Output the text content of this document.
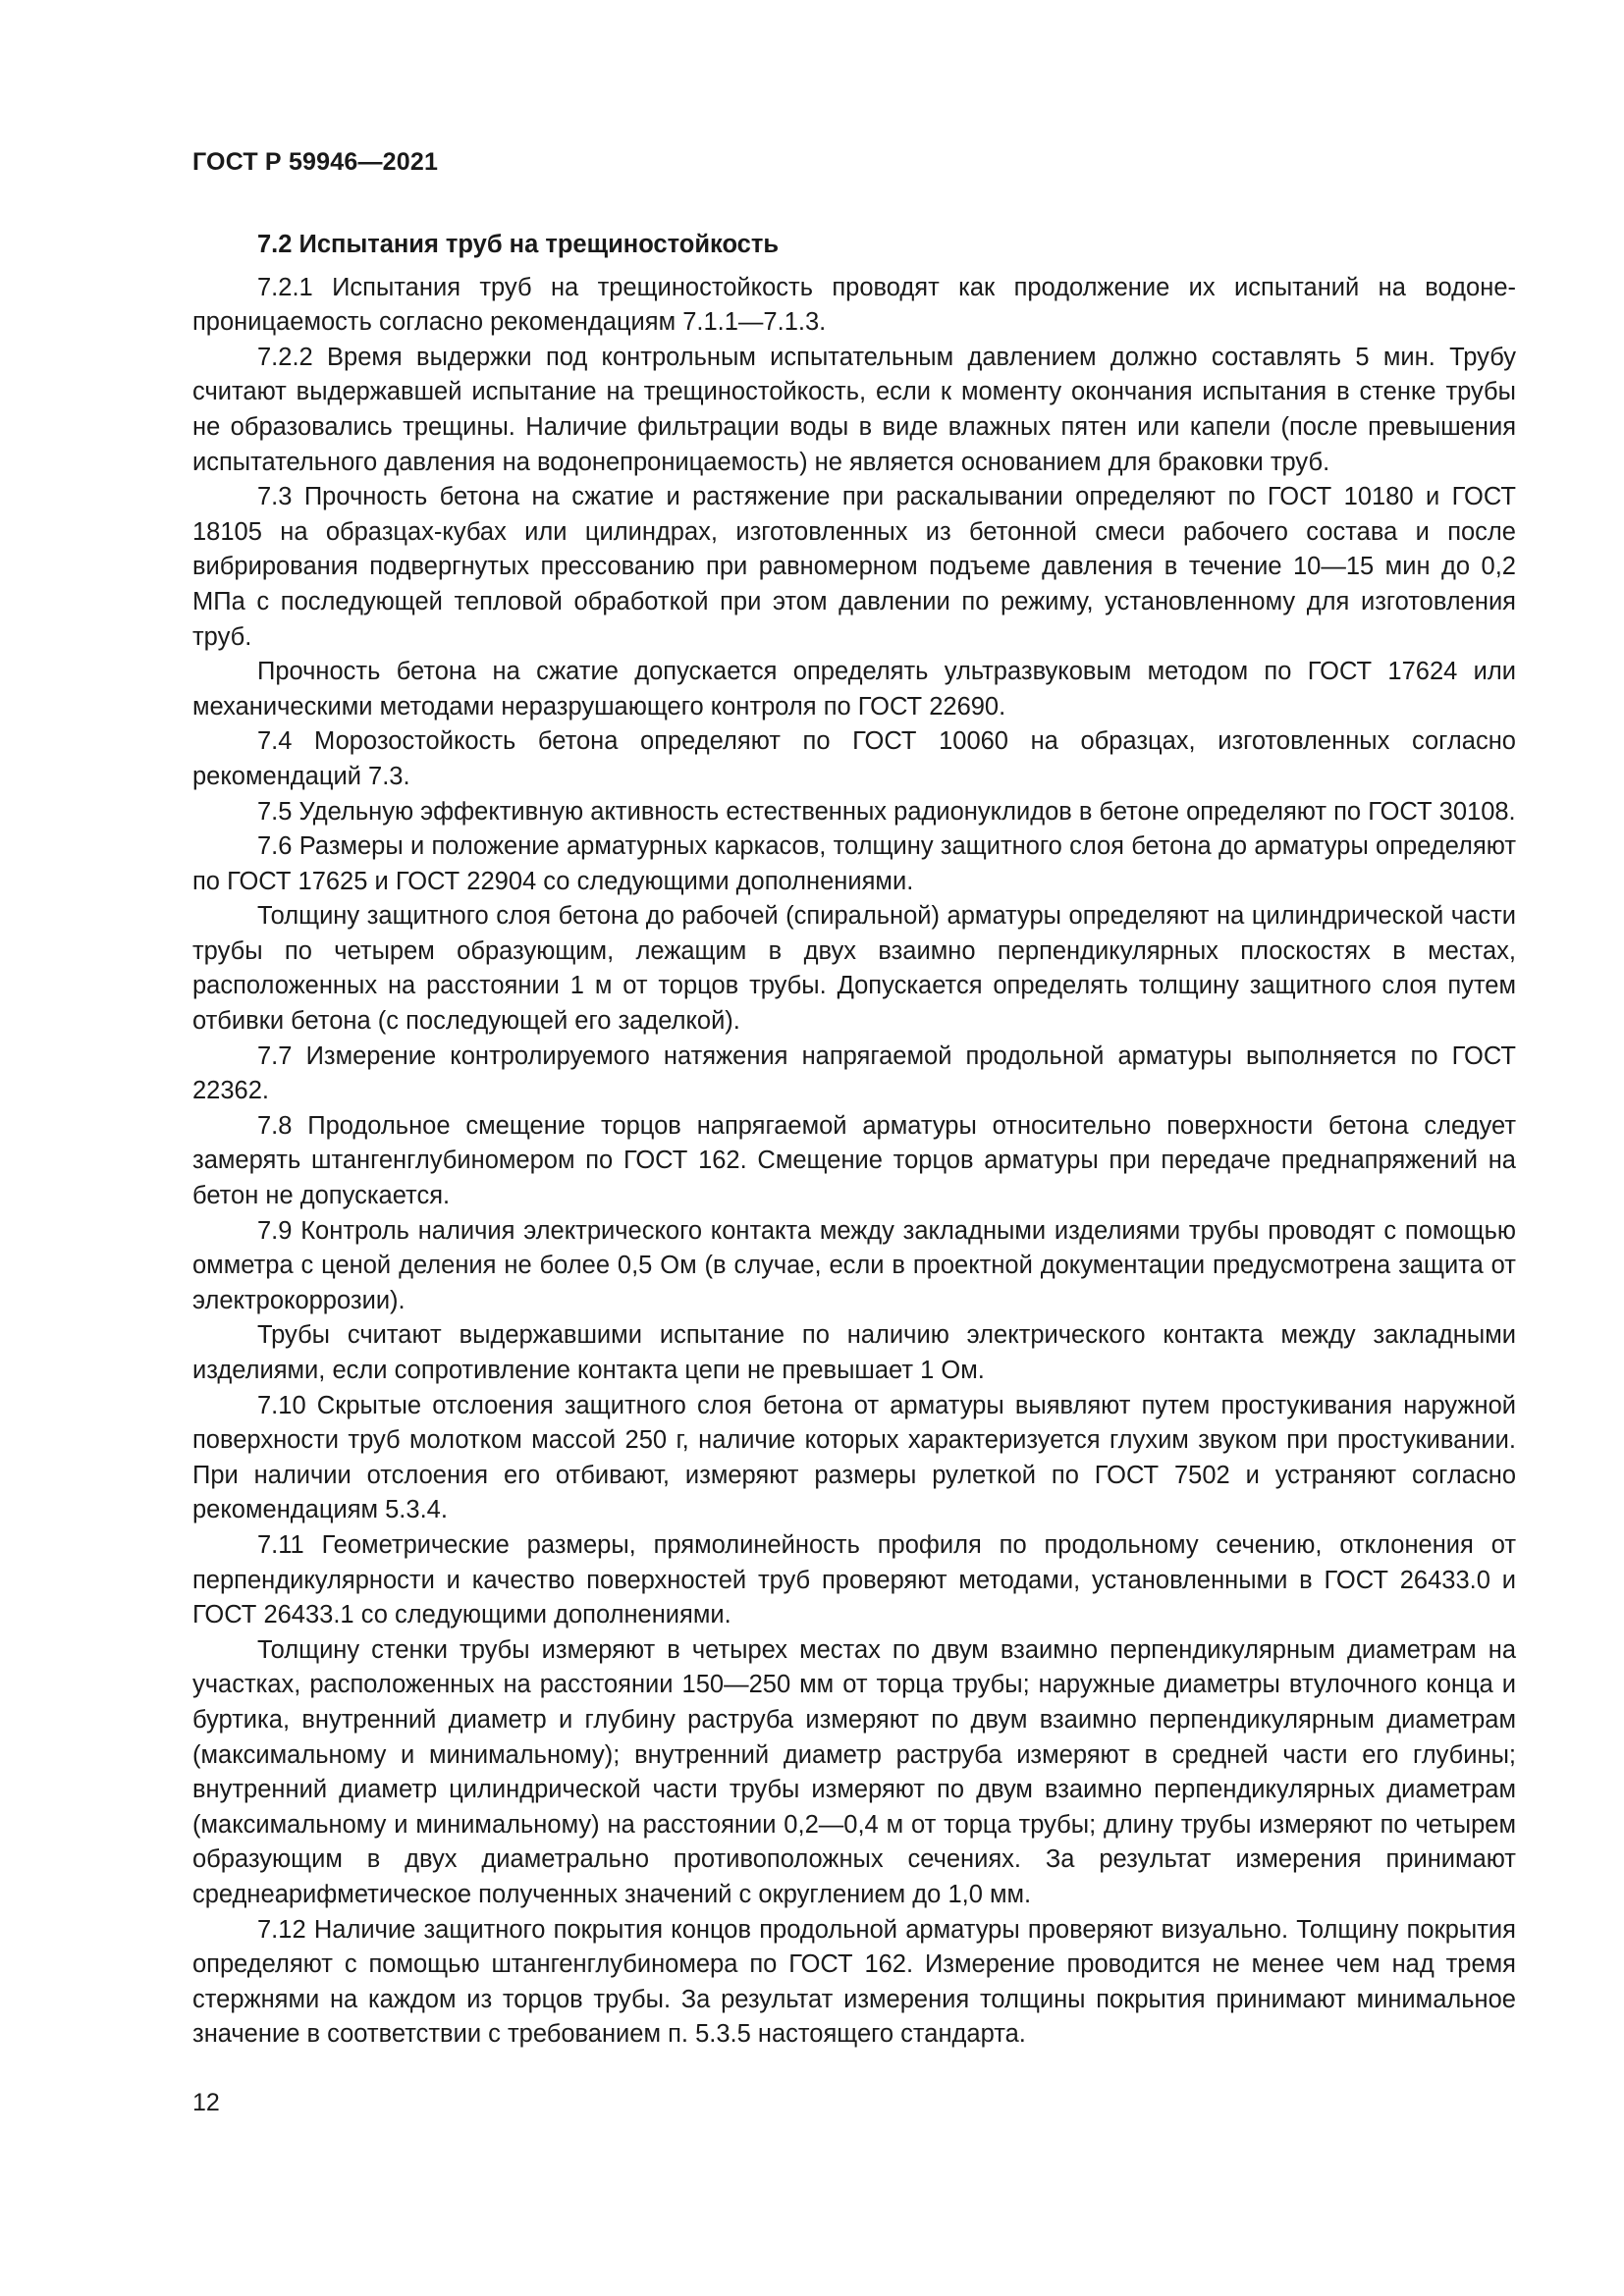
ГОСТ Р 59946—2021
7.2 Испытания труб на трещиностойкость

7.2.1 Испытания труб на трещиностойкость проводят как продолжение их испытаний на водонепроницаемость согласно рекомендациям 7.1.1—7.1.3.

7.2.2 Время выдержки под контрольным испытательным давлением должно составлять 5 мин. Трубу считают выдержавшей испытание на трещиностойкость, если к моменту окончания испытания в стенке трубы не образовались трещины. Наличие фильтрации воды в виде влажных пятен или капели (после превышения испытательного давления на водонепроницаемость) не является основанием для браковки труб.

7.3 Прочность бетона на сжатие и растяжение при раскалывании определяют по ГОСТ 10180 и ГОСТ 18105 на образцах-кубах или цилиндрах, изготовленных из бетонной смеси рабочего состава и после вибрирования подвергнутых прессованию при равномерном подъеме давления в течение 10—15 мин до 0,2 МПа с последующей тепловой обработкой при этом давлении по режиму, установленному для изготовления труб.

Прочность бетона на сжатие допускается определять ультразвуковым методом по ГОСТ 17624 или механическими методами неразрушающего контроля по ГОСТ 22690.

7.4 Морозостойкость бетона определяют по ГОСТ 10060 на образцах, изготовленных согласно рекомендаций 7.3.

7.5 Удельную эффективную активность естественных радионуклидов в бетоне определяют по ГОСТ 30108.

7.6 Размеры и положение арматурных каркасов, толщину защитного слоя бетона до арматуры определяют по ГОСТ 17625 и ГОСТ 22904 со следующими дополнениями.

Толщину защитного слоя бетона до рабочей (спиральной) арматуры определяют на цилиндрической части трубы по четырем образующим, лежащим в двух взаимно перпендикулярных плоскостях в местах, расположенных на расстоянии 1 м от торцов трубы. Допускается определять толщину защитного слоя путем отбивки бетона (с последующей его заделкой).

7.7 Измерение контролируемого натяжения напрягаемой продольной арматуры выполняется по ГОСТ 22362.

7.8 Продольное смещение торцов напрягаемой арматуры относительно поверхности бетона следует замерять штангенглубиномером по ГОСТ 162. Смещение торцов арматуры при передаче преднапряжений на бетон не допускается.

7.9 Контроль наличия электрического контакта между закладными изделиями трубы проводят с помощью омметра с ценой деления не более 0,5 Ом (в случае, если в проектной документации предусмотрена защита от электрокоррозии).

Трубы считают выдержавшими испытание по наличию электрического контакта между закладными изделиями, если сопротивление контакта цепи не превышает 1 Ом.

7.10 Скрытые отслоения защитного слоя бетона от арматуры выявляют путем простукивания наружной поверхности труб молотком массой 250 г, наличие которых характеризуется глухим звуком при простукивании. При наличии отслоения его отбивают, измеряют размеры рулеткой по ГОСТ 7502 и устраняют согласно рекомендациям 5.3.4.

7.11 Геометрические размеры, прямолинейность профиля по продольному сечению, отклонения от перпендикулярности и качество поверхностей труб проверяют методами, установленными в ГОСТ 26433.0 и ГОСТ 26433.1 со следующими дополнениями.

Толщину стенки трубы измеряют в четырех местах по двум взаимно перпендикулярным диаметрам на участках, расположенных на расстоянии 150—250 мм от торца трубы; наружные диаметры втулочного конца и буртика, внутренний диаметр и глубину раструба измеряют по двум взаимно перпендикулярным диаметрам (максимальному и минимальному); внутренний диаметр раструба измеряют в средней части его глубины; внутренний диаметр цилиндрической части трубы измеряют по двум взаимно перпендикулярных диаметрам (максимальному и минимальному) на расстоянии 0,2—0,4 м от торца трубы; длину трубы измеряют по четырем образующим в двух диаметрально противоположных сечениях. За результат измерения принимают среднеарифметическое полученных значений с округлением до 1,0 мм.

7.12 Наличие защитного покрытия концов продольной арматуры проверяют визуально. Толщину покрытия определяют с помощью штангенглубиномера по ГОСТ 162. Измерение проводится не менее чем над тремя стержнями на каждом из торцов трубы. За результат измерения толщины покрытия принимают минимальное значение в соответствии с требованием п. 5.3.5 настоящего стандарта.

12
